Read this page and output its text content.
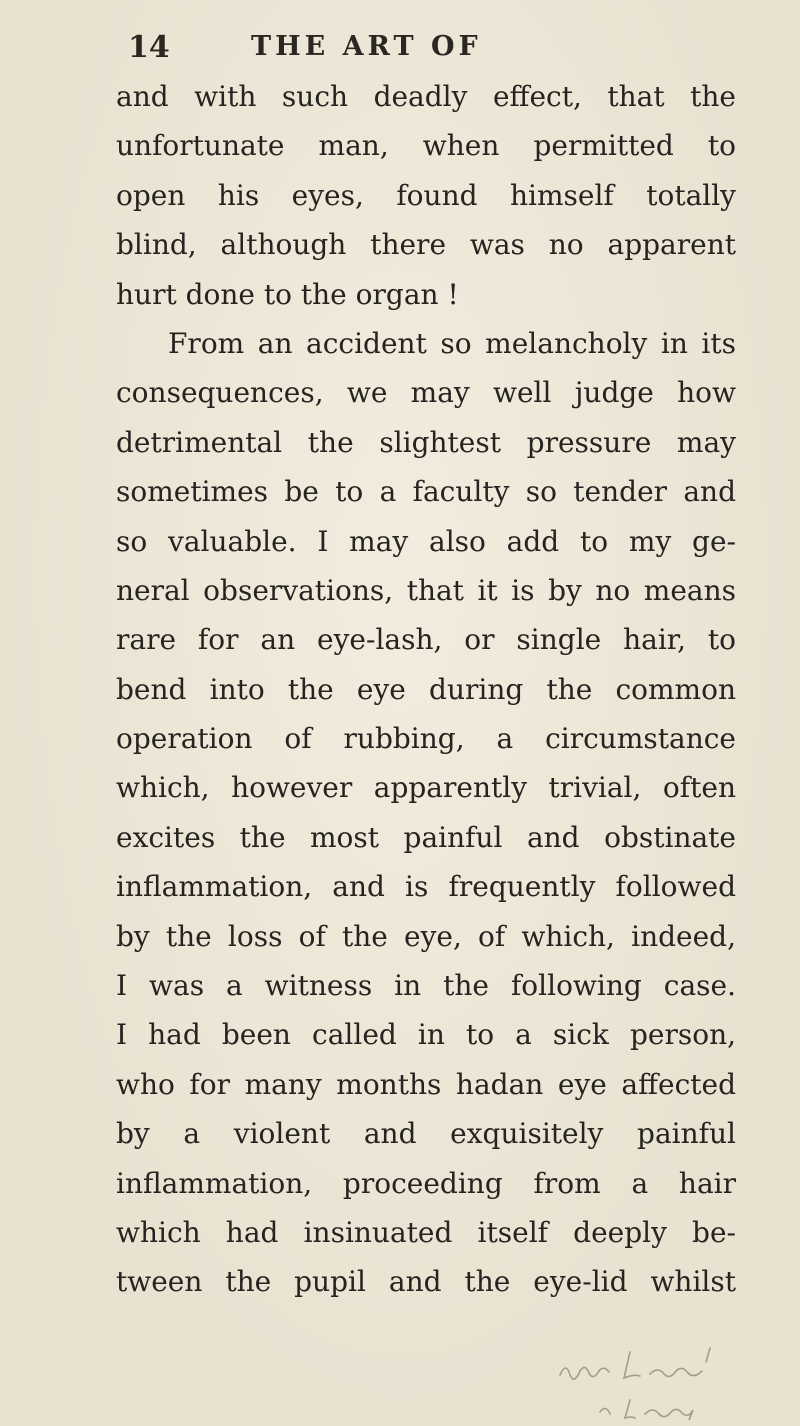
14	THE ART OF
and with such deadly effect, that the
unfortunate man, when permitted to
open his eyes, found himself totally
blind, although there was no apparent
hurt done to the organ !
From an accident so melancholy in its
consequences, we may well judge how
detrimental the slightest pressure may
sometimes be to a faculty so tender and
so valuable. I may also add to my ge-
neral observations, that it is by no means
rare for an eye-lash, or single hair, to
bend into the eye during the common
operation of rubbing, a circumstance
which, however apparently trivial, often
excites the most painful and obstinate
inflammation, and is frequently followed
by the loss of the eye, of which, indeed,
I was a witness in the following case.
I had been called in to a sick person,
who for many months hadan eye affected
by a violent and exquisitely painful
inflammation, proceeding from a hair
which had insinuated itself deeply be-
tween the pupil and the eye-lid whilst
